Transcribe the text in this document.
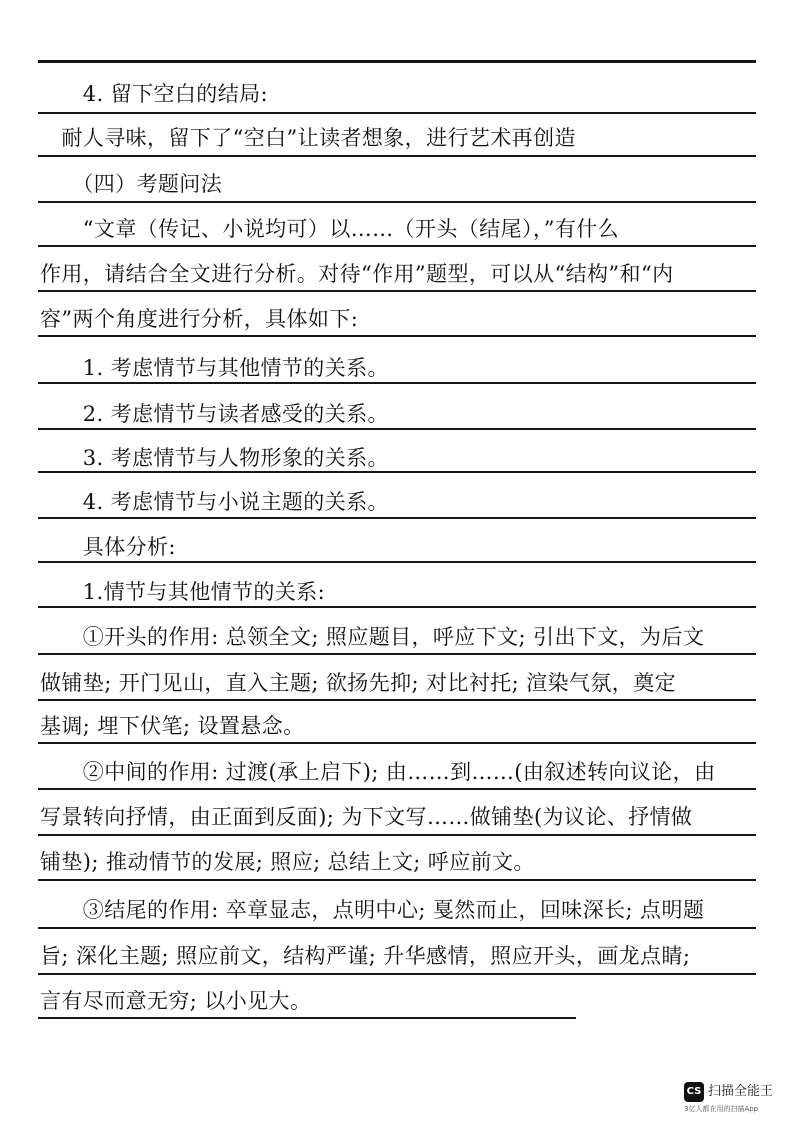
　　4. 留下空白的结局:
　耐人寻味，留下了“空白”让读者想象，进行艺术再创造
　　（四）考题问法
　　“文章（传记、小说均可）以……（开头（结尾），”有什么
作用，请结合全文进行分析。对待“作用”题型，可以从“结构”和“内
容”两个角度进行分析，具体如下:
　　1. 考虑情节与其他情节的关系。
　　2. 考虑情节与读者感受的关系。
　　3. 考虑情节与人物形象的关系。
　　4. 考虑情节与小说主题的关系。
　　具体分析:
　　1.情节与其他情节的关系:
　　①开头的作用: 总领全文; 照应题目，呼应下文; 引出下文，为后文
做铺垫; 开门见山，直入主题; 欲扬先抑; 对比衬托; 渲染气氛，奠定
基调; 埋下伏笔; 设置悬念。
　　②中间的作用: 过渡(承上启下); 由……到……(由叙述转向议论，由
写景转向抒情，由正面到反面); 为下文写……做铺垫(为议论、抒情做
铺垫); 推动情节的发展; 照应; 总结上文; 呼应前文。
　　③结尾的作用: 卒章显志，点明中心; 戛然而止，回味深长; 点明题
旨; 深化主题; 照应前文，结构严谨; 升华感情，照应开头，画龙点睛;
言有尽而意无穷; 以小见大。
CS 扫描全能王
3亿人都在用的扫描App
